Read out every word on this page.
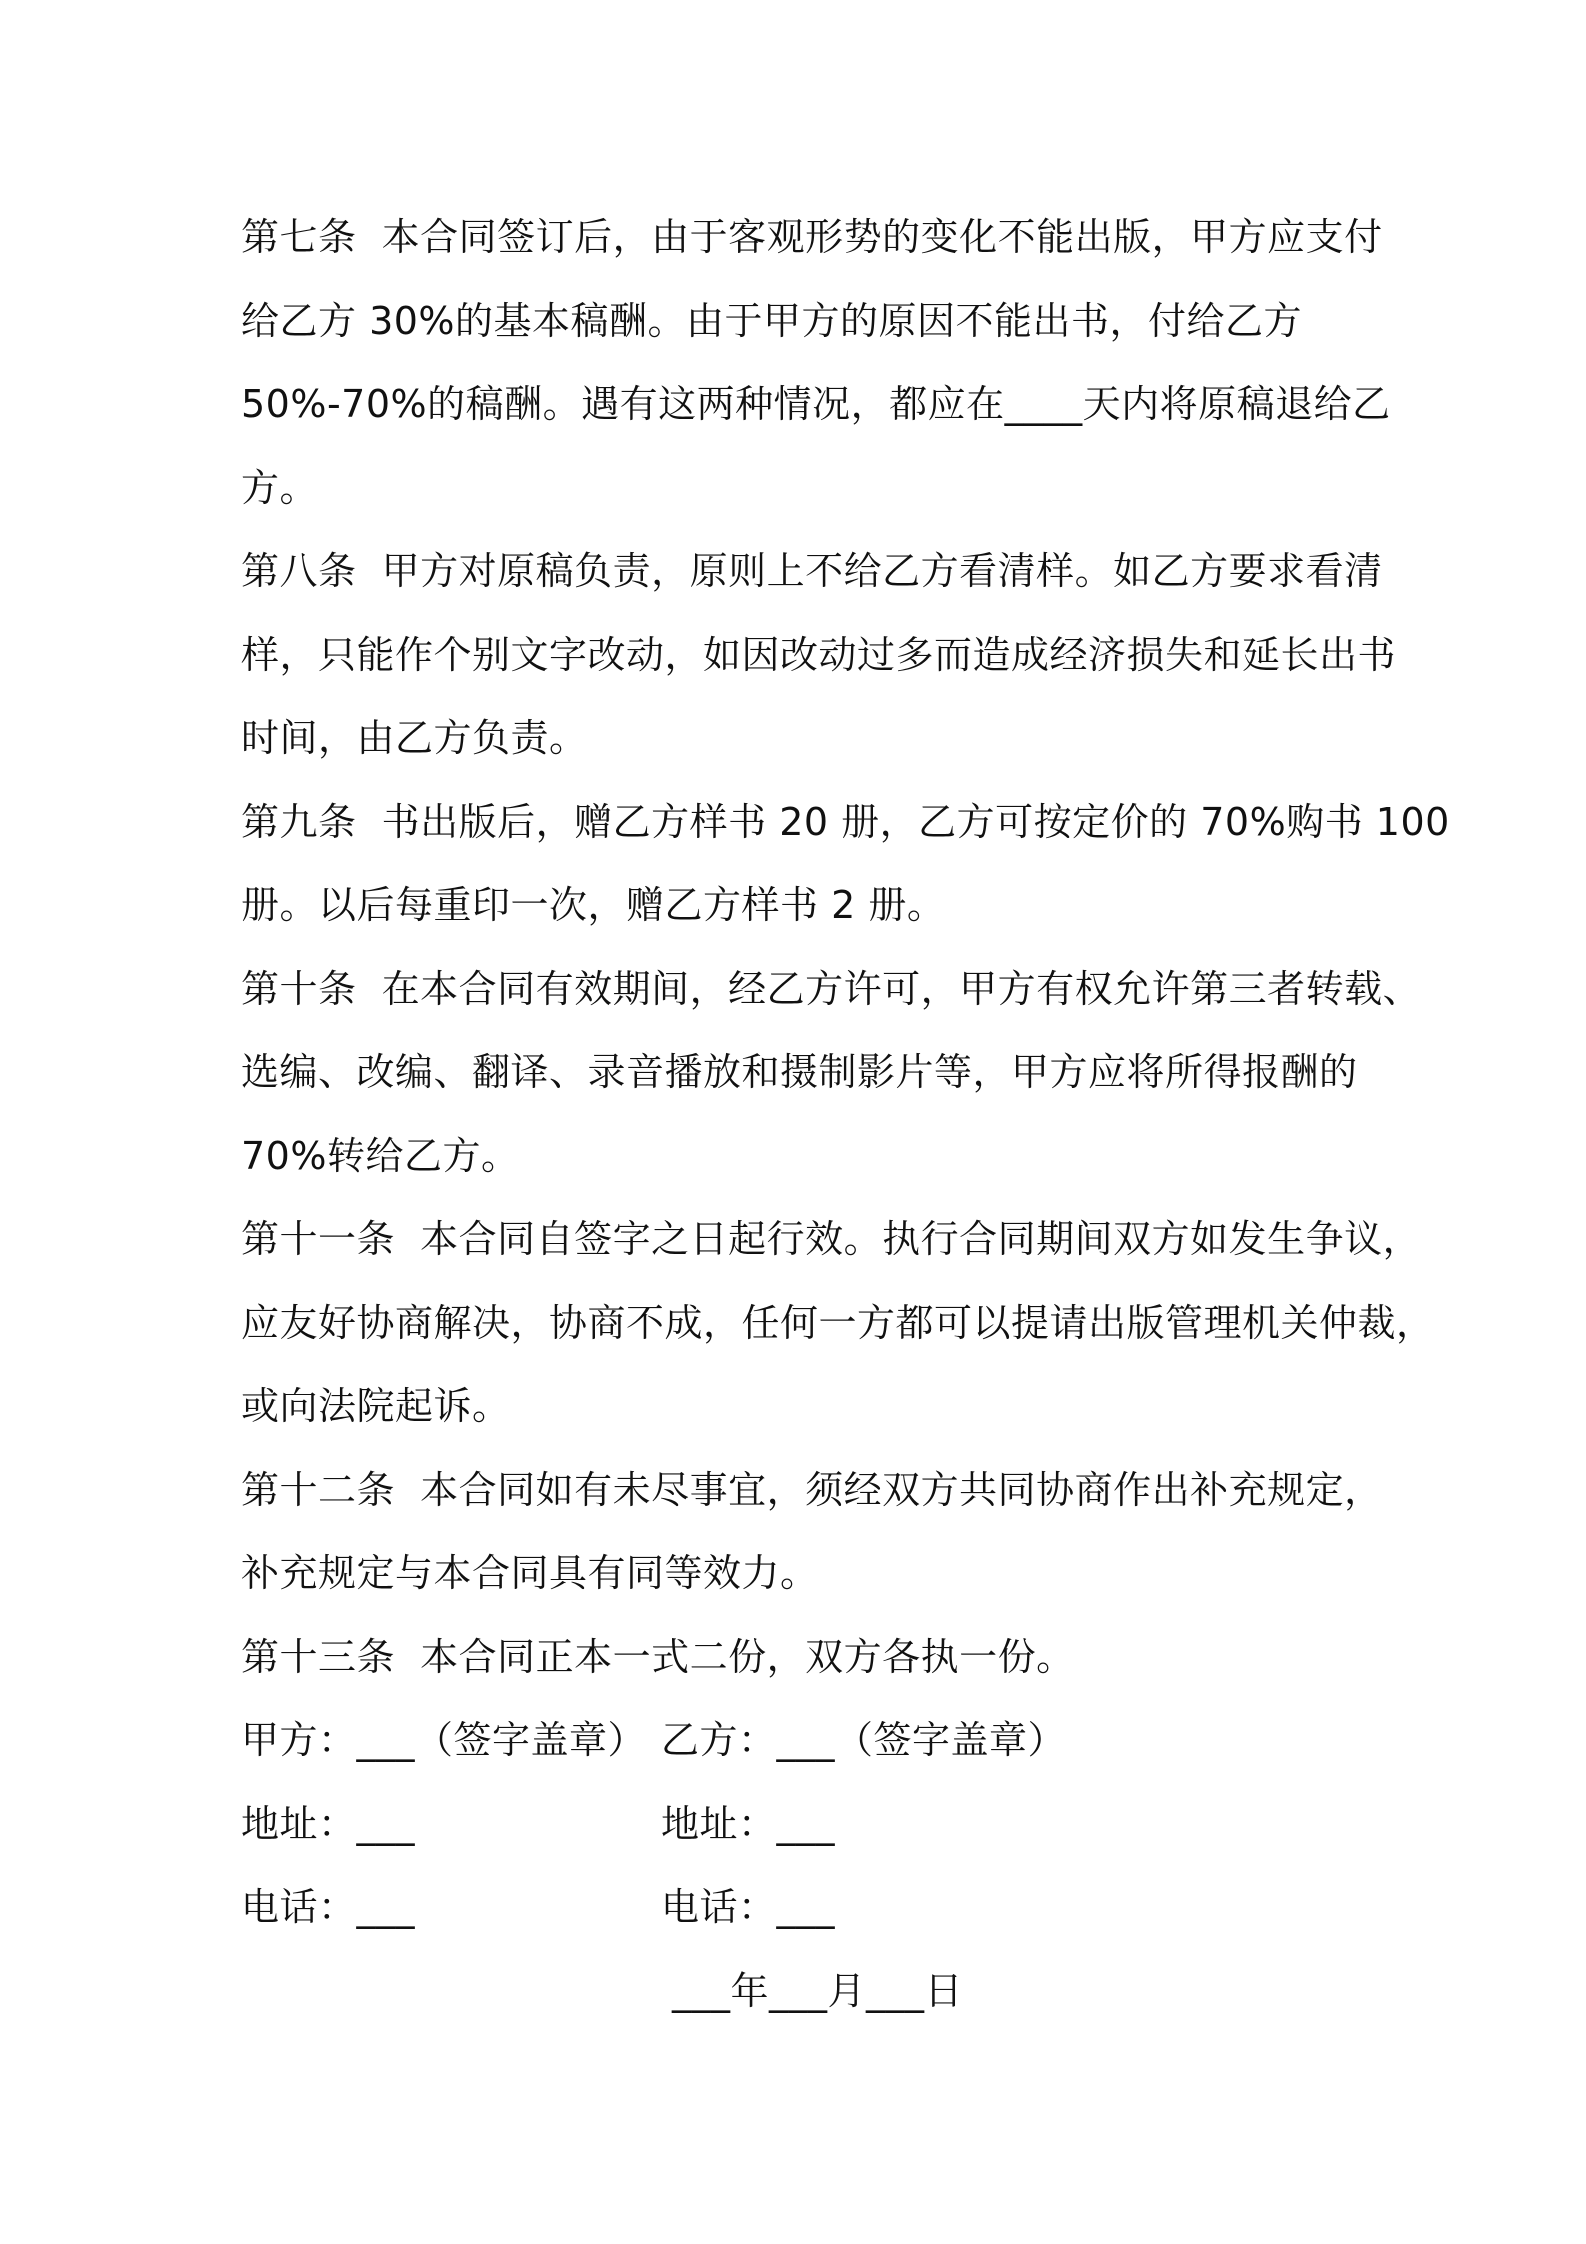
第七条  本合同签订后，由于客观形势的变化不能出版，甲方应支付
给乙方 30%的基本稿酬。由于甲方的原因不能出书，付给乙方
50%-70%的稿酬。遇有这两种情况，都应在____天内将原稿退给乙
方。
第八条  甲方对原稿负责，原则上不给乙方看清样。如乙方要求看清
样，只能作个别文字改动，如因改动过多而造成经济损失和延长出书
时间，由乙方负责。
第九条  书出版后，赠乙方样书 20 册，乙方可按定价的 70%购书 100
册。以后每重印一次，赠乙方样书 2 册。
第十条  在本合同有效期间，经乙方许可，甲方有权允许第三者转载、
选编、改编、翻译、录音播放和摄制影片等，甲方应将所得报酬的
70%转给乙方。
第十一条  本合同自签字之日起行效。执行合同期间双方如发生争议，
应友好协商解决，协商不成，任何一方都可以提请出版管理机关仲裁，
或向法院起诉。
第十二条  本合同如有未尽事宜，须经双方共同协商作出补充规定，
补充规定与本合同具有同等效力。
第十三条  本合同正本一式二份，双方各执一份。

甲方：___（签字盖章）

乙方：___（签字盖章）

地址：___

	地址：___

电话：___

	电话：___

___年___月___日
